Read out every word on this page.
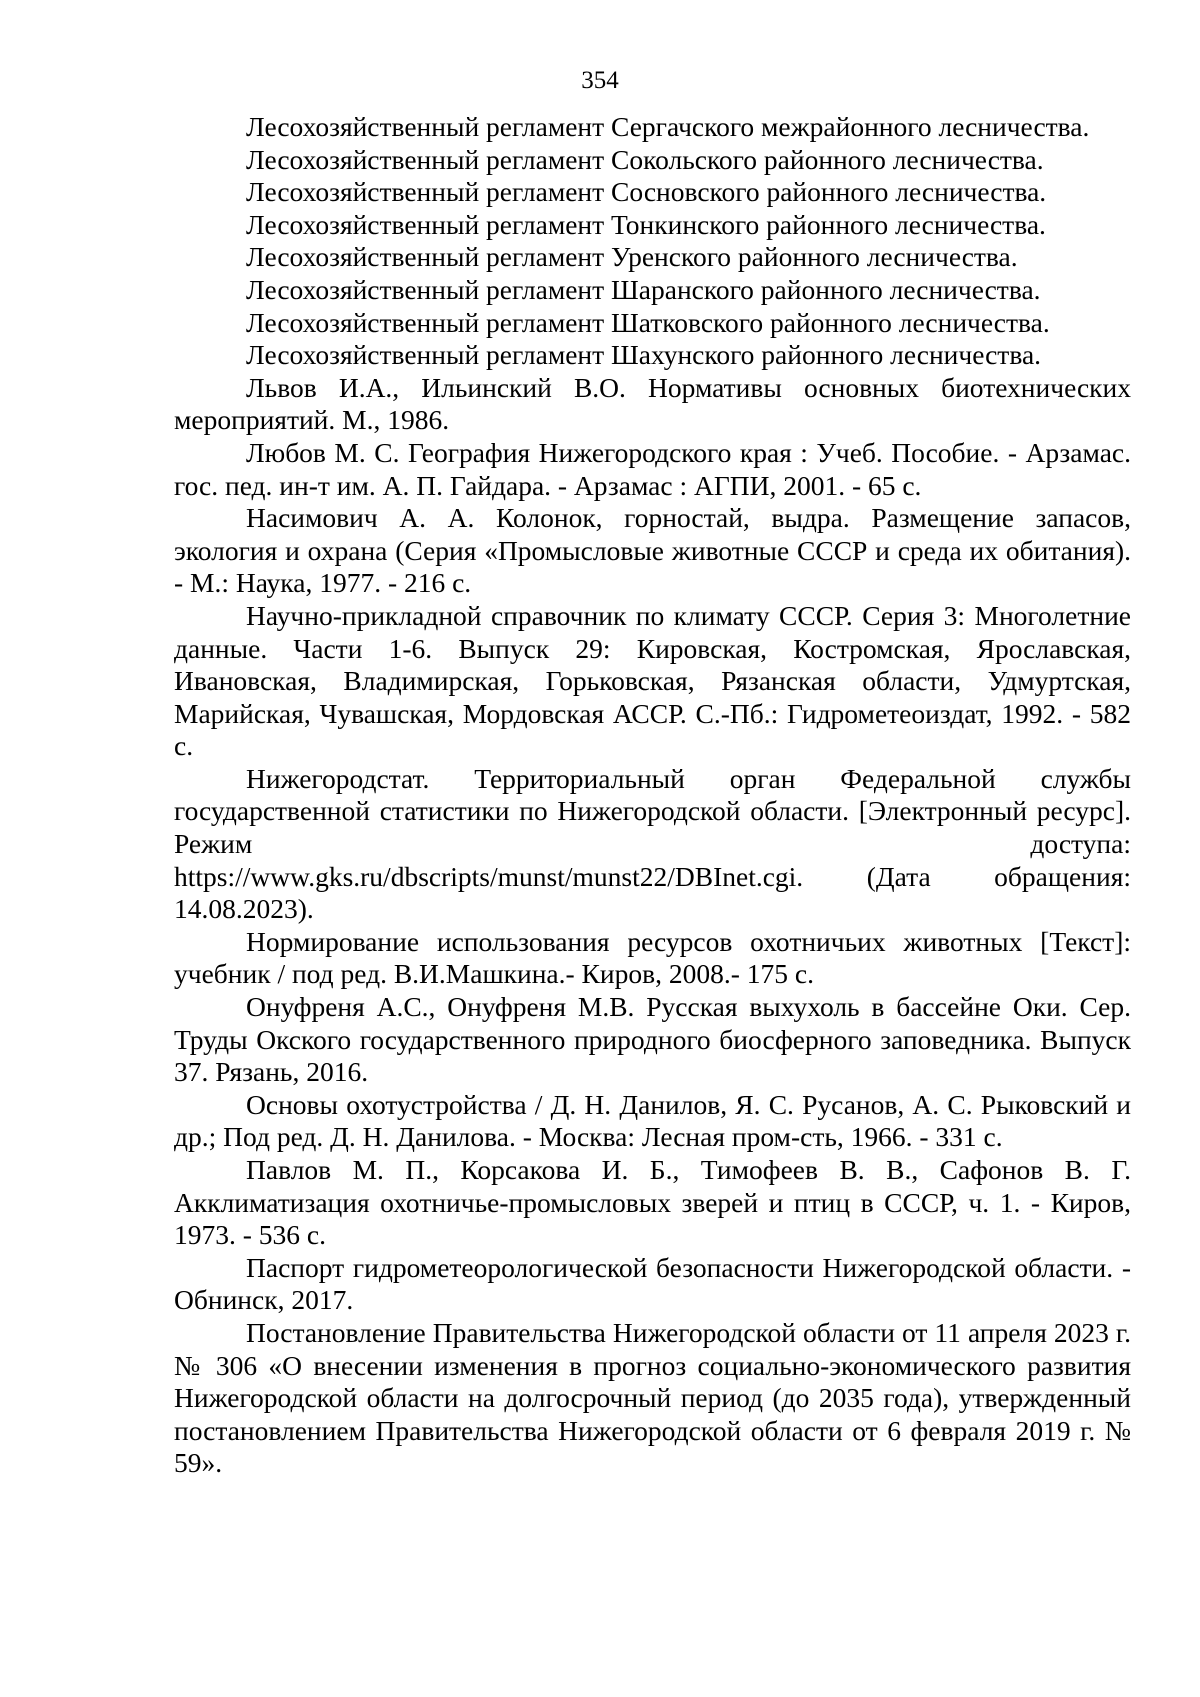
354

Лесохозяйственный регламент Сергачского межрайонного лесничества.

Лесохозяйственный регламент Сокольского районного лесничества.

Лесохозяйственный регламент Сосновского районного лесничества.

Лесохозяйственный регламент Тонкинского районного лесничества.

Лесохозяйственный регламент Уренского районного лесничества.

Лесохозяйственный регламент Шаранского районного лесничества.

Лесохозяйственный регламент Шатковского районного лесничества.

Лесохозяйственный регламент Шахунского районного лесничества.

Львов И.А., Ильинский В.О. Нормативы основных биотехнических мероприятий. М., 1986.

Любов М. С. География Нижегородского края : Учеб. Пособие. - Арзамас. гос. пед. ин-т им. А. П. Гайдара. - Арзамас : АГПИ, 2001. - 65 с.

Насимович А. А. Колонок, горностай, выдра. Размещение запасов, экология и охрана (Серия «Промысловые животные СССР и среда их обитания). - М.: Наука, 1977. - 216 с.

Научно-прикладной справочник по климату СССР. Серия 3: Многолетние данные. Части 1-6. Выпуск 29: Кировская, Костромская, Ярославская, Ивановская, Владимирская, Горьковская, Рязанская области, Удмуртская, Марийская, Чувашская, Мордовская АССР. С.-Пб.: Гидрометеоиздат, 1992. - 582 с.

Нижегородстат. Территориальный орган Федеральной службы государственной статистики по Нижегородской области. [Электронный ресурс]. Режим доступа:

https://www.gks.ru/dbscripts/munst/munst22/DBInet.cgi. (Дата обращения: 14.08.2023).

Нормирование использования ресурсов охотничьих животных [Текст]: учебник / под ред. В.И.Машкина.- Киров, 2008.- 175 с.

Онуфреня А.С., Онуфреня М.В. Русская выхухоль в бассейне Оки. Сер. Труды Окского государственного природного биосферного заповедника. Выпуск 37. Рязань, 2016.

Основы охотустройства / Д. Н. Данилов, Я. С. Русанов, А. С. Рыковский и др.; Под ред. Д. Н. Данилова. - Москва: Лесная пром-сть, 1966. - 331 с.

Павлов М. П., Корсакова И. Б., Тимофеев В. В., Сафонов В. Г. Акклиматизация охотничье-промысловых зверей и птиц в СССР, ч. 1. - Киров, 1973. - 536 с.

Паспорт гидрометеорологической безопасности Нижегородской области. - Обнинск, 2017.

Постановление Правительства Нижегородской области от 11 апреля 2023 г. № 306 «О внесении изменения в прогноз социально-экономического развития Нижегородской области на долгосрочный период (до 2035 года), утвержденный постановлением Правительства Нижегородской области от 6 февраля 2019 г. № 59».
